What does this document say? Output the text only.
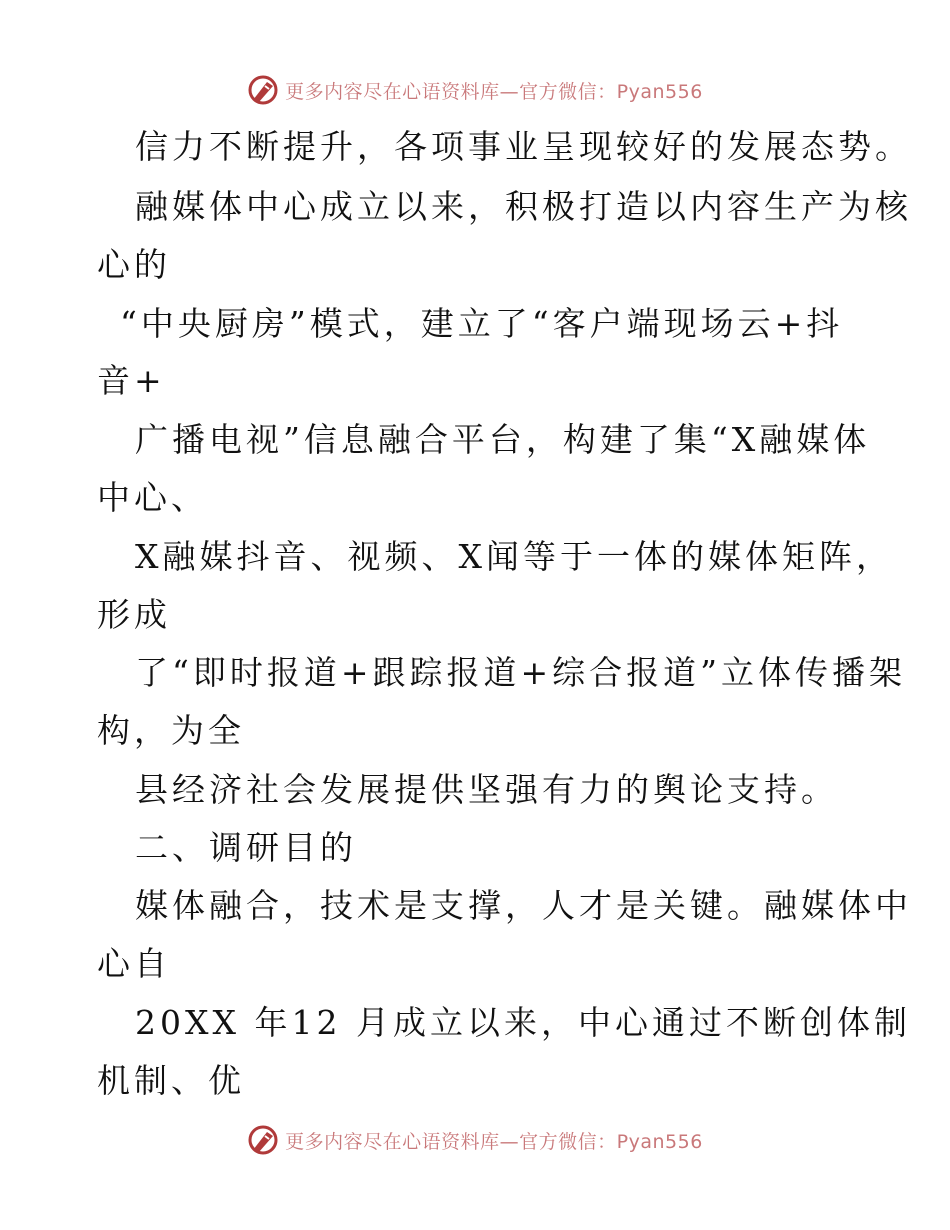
更多内容尽在心语资料库—官方微信：Pyan556
信力不断提升，各项事业呈现较好的发展态势。
融媒体中心成立以来，积极打造以内容生产为核
心的
“中央厨房”模式，建立了“客户端现场云+抖
音+
广播电视”信息融合平台，构建了集“X融媒体
中心、
X融媒抖音、视频、X闻等于一体的媒体矩阵，
形成
了“即时报道+跟踪报道+综合报道”立体传播架
构，为全
县经济社会发展提供坚强有力的舆论支持。
二、调研目的
媒体融合，技术是支撑，人才是关键。融媒体中
心自
20XX 年12 月成立以来，中心通过不断创体制
机制、优
更多内容尽在心语资料库—官方微信：Pyan556
